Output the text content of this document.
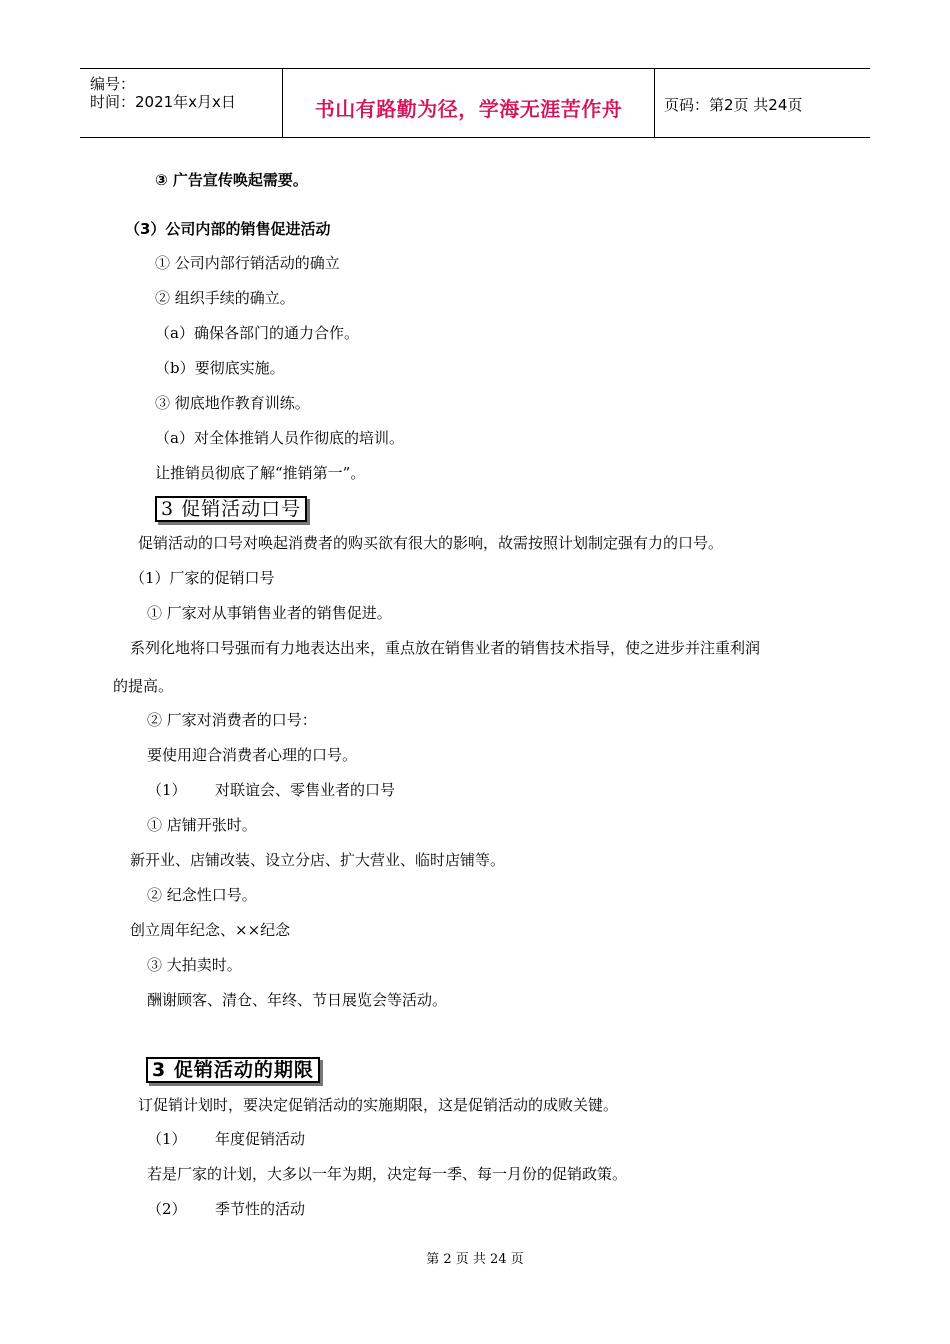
编号：
时间：2021年x月x日	书山有路勤为径，学海无涯苦作舟	页码：第2页 共24页
③ 广告宣传唤起需要。
（3）公司内部的销售促进活动
① 公司内部行销活动的确立
② 组织手续的确立。
（a）确保各部门的通力合作。
（b）要彻底实施。
③ 彻底地作教育训练。
（a）对全体推销人员作彻底的培训。
让推销员彻底了解“推销第一”。
3 促销活动口号
促销活动的口号对唤起消费者的购买欲有很大的影响，故需按照计划制定强有力的口号。
（1）厂家的促销口号
① 厂家对从事销售业者的销售促进。
系列化地将口号强而有力地表达出来，重点放在销售业者的销售技术指导，使之进步并注重利润
的提高。
② 厂家对消费者的口号：
要使用迎合消费者心理的口号。
（1） 对联谊会、零售业者的口号
① 店铺开张时。
新开业、店铺改装、设立分店、扩大营业、临时店铺等。
② 纪念性口号。
创立周年纪念、××纪念
③ 大拍卖时。
酬谢顾客、清仓、年终、节日展览会等活动。
3 促销活动的期限
订促销计划时，要决定促销活动的实施期限，这是促销活动的成败关键。
（1） 年度促销活动
若是厂家的计划，大多以一年为期，决定每一季、每一月份的促销政策。
（2） 季节性的活动
第 2 页 共 24 页
